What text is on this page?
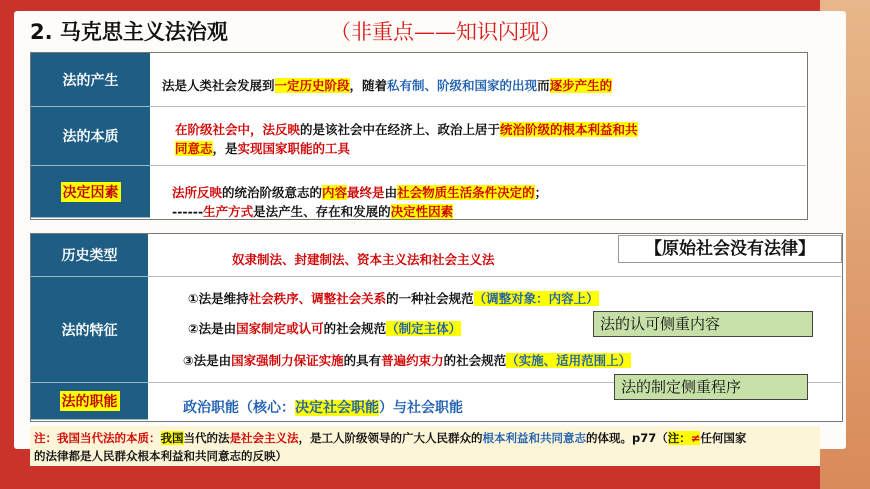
2. 马克思主义法治观	（非重点——知识闪现）
法的产生
法的本质
决定因素
法是人类社会发展到一定历史阶段，随着私有制、阶级和国家的出现而逐步产生的
在阶级社会中，法反映的是该社会中在经济上、政治上居于统治阶级的根本利益和共
同意志，是实现国家职能的工具
法所反映的统治阶级意志的内容最终是由社会物质生活条件决定的；
------生产方式是法产生、存在和发展的决定性因素
历史类型
法的特征
法的职能
【原始社会没有法律】
奴隶制法、封建制法、资本主义法和社会主义法
①法是维持社会秩序、调整社会关系的一种社会规范（调整对象：内容上）
②法是由国家制定或认可的社会规范（制定主体）
③法是由国家强制力保证实施的具有普遍约束力的社会规范（实施、适用范围上）
政治职能（核心：决定社会职能）与社会职能
法的认可侧重内容
法的制定侧重程序
注：我国当代法的本质：我国当代的法是社会主义法，是工人阶级领导的广大人民群众的根本利益和共同意志的体现。p77（注：≠任何国家
的法律都是人民群众根本利益和共同意志的反映）
